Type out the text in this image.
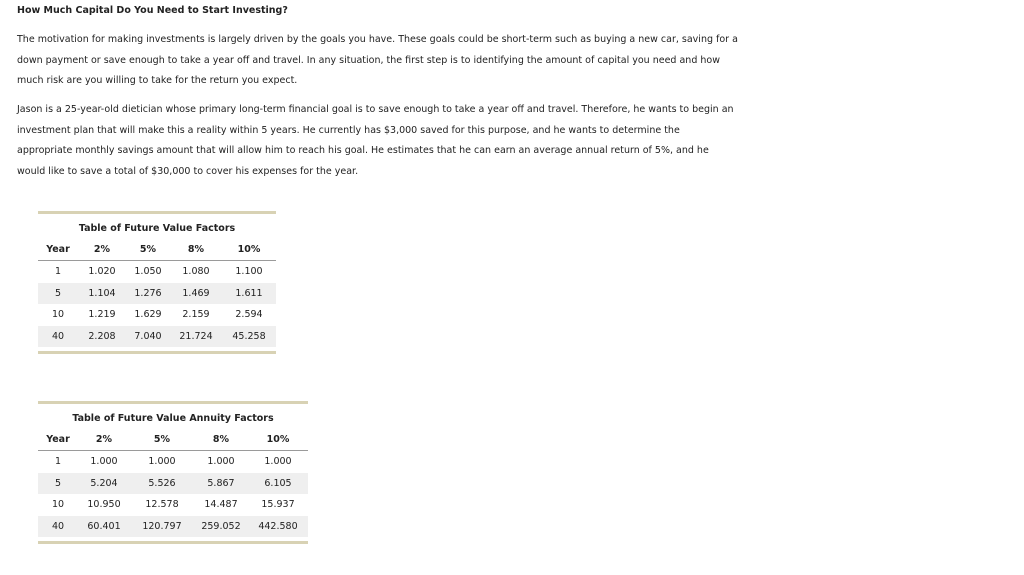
How Much Capital Do You Need to Start Investing?

The motivation for making investments is largely driven by the goals you have. These goals could be short-term such as buying a new car, saving for a
down payment or save enough to take a year off and travel. In any situation, the first step is to identifying the amount of capital you need and how
much risk are you willing to take for the return you expect.

Jason is a 25-year-old dietician whose primary long-term financial goal is to save enough to take a year off and travel. Therefore, he wants to begin an
investment plan that will make this a reality within 5 years. He currently has $3,000 saved for this purpose, and he wants to determine the
appropriate monthly savings amount that will allow him to reach his goal. He estimates that he can earn an average annual return of 5%, and he
would like to save a total of $30,000 to cover his expenses for the year.

Table of Future Value Factors
Year	2%	5%	8%	10%
1	1.020	1.050	1.080	1.100
5	1.104	1.276	1.469	1.611
10	1.219	1.629	2.159	2.594
40	2.208	7.040	21.724	45.258
Table of Future Value Annuity Factors
Year	2%	5%	8%	10%
1	1.000	1.000	1.000	1.000
5	5.204	5.526	5.867	6.105
10	10.950	12.578	14.487	15.937
40	60.401	120.797	259.052	442.580
